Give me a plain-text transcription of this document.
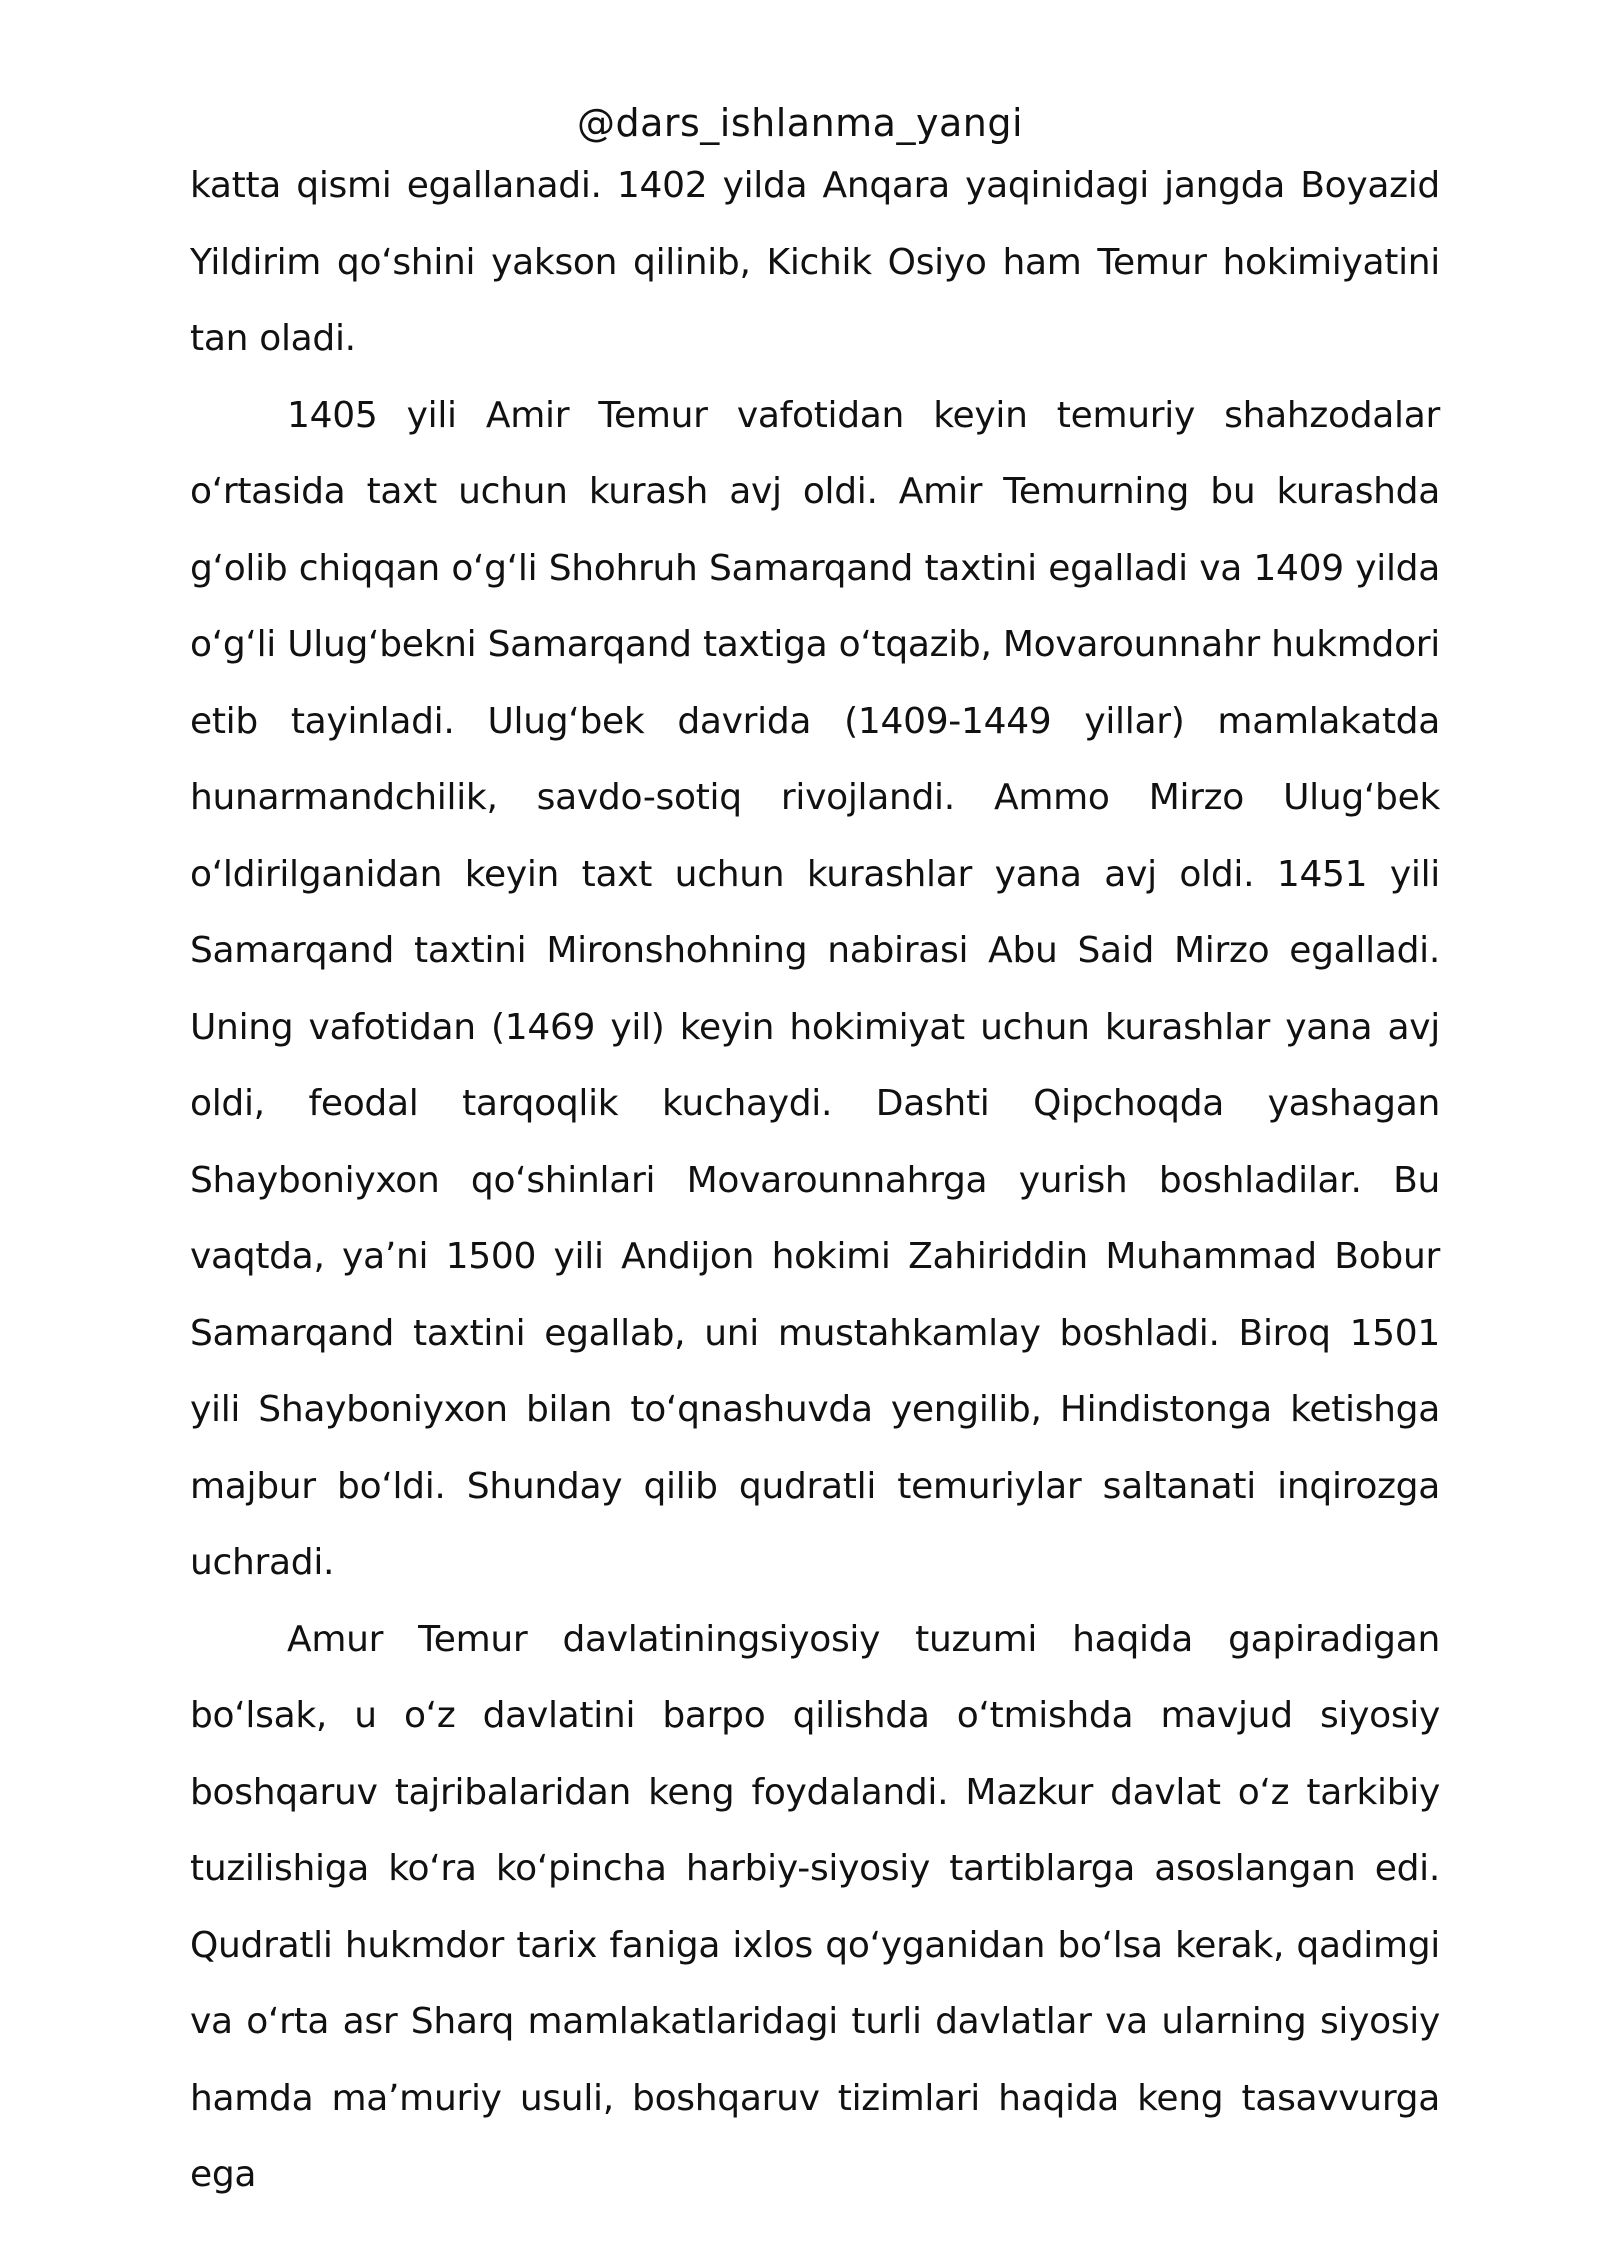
@dars_ishlanma_yangi

katta qismi egallanadi. 1402 yilda Anqara yaqinidagi jangda Boyazid Yildirim qo‘shini yakson qilinib, Kichik Osiyo ham Temur hokimiyatini tan oladi.

1405 yili Amir Temur vafotidan keyin temuriy shahzodalar o‘rtasida taxt uchun kurash avj oldi. Amir Temurning bu kurashda g‘olib chiqqan o‘g‘li Shohruh Samarqand taxtini egalladi va 1409 yilda o‘g‘li Ulug‘bekni Samarqand taxtiga o‘tqazib, Movarounnahr hukmdori etib tayinladi. Ulug‘bek davrida (1409-1449 yillar) mamlakatda hunarmandchilik, savdo-sotiq rivojlandi. Ammo Mirzo Ulug‘bek o‘ldirilganidan keyin taxt uchun kurashlar yana avj oldi. 1451 yili Samarqand taxtini Mironshohning nabirasi Abu Said Mirzo egalladi. Uning vafotidan (1469 yil) keyin hokimiyat uchun kurashlar yana avj oldi, feodal tarqoqlik kuchaydi. Dashti Qipchoqda yashagan Shayboniyxon qo‘shinlari Movarounnahrga yurish boshladilar. Bu vaqtda, ya’ni 1500 yili Andijon hokimi Zahiriddin Muhammad Bobur Samarqand taxtini egallab, uni mustahkamlay boshladi. Biroq 1501 yili Shayboniyxon bilan to‘qnashuvda yengilib, Hindistonga ketishga majbur bo‘ldi. Shunday qilib qudratli temuriylar saltanati inqirozga uchradi.

Amur Temur davlatiningsiyosiy tuzumi haqida gapiradigan bo‘lsak, u o‘z davlatini barpo qilishda o‘tmishda mavjud siyosiy boshqaruv tajribalaridan keng foydalandi. Mazkur davlat o‘z tarkibiy tuzilishiga ko‘ra ko‘pincha harbiy-siyosiy tartiblarga asoslangan edi. Qudratli hukmdor tarix faniga ixlos qo‘yganidan bo‘lsa kerak, qadimgi va o‘rta asr Sharq mamlakatlaridagi turli davlatlar va ularning siyosiy hamda ma’muriy usuli, boshqaruv tizimlari haqida keng tasavvurga ega
